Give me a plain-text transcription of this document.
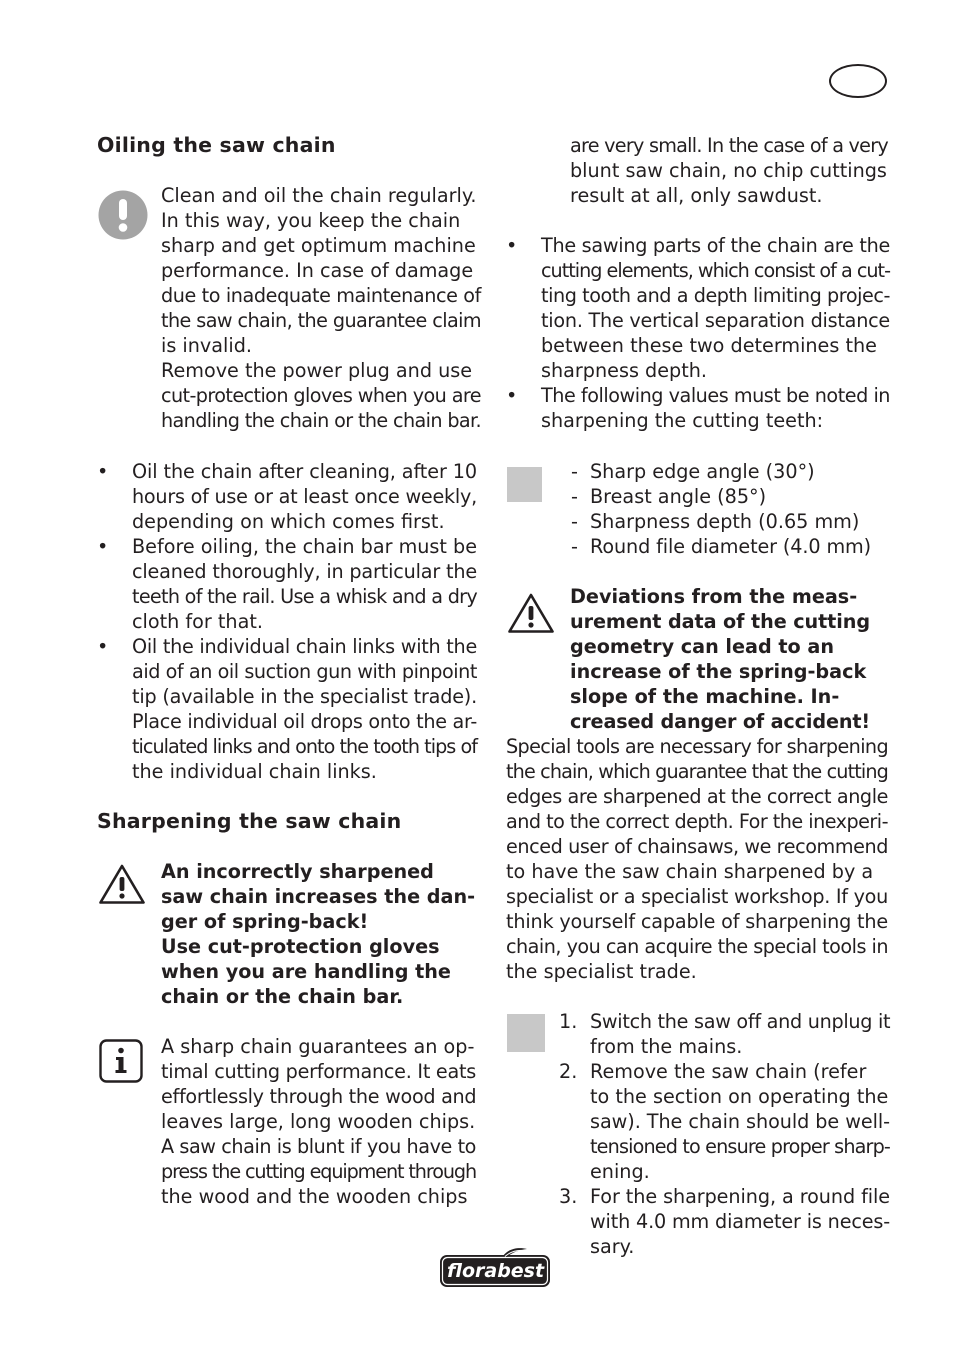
Oiling the saw chain
Clean and oil the chain regularly.
In this way, you keep the chain
sharp and get optimum machine
performance. In case of damage
due to inadequate maintenance of
the saw chain, the guarantee claim
is invalid.
Remove the power plug and use
cut-protection gloves when you are
handling the chain or the chain bar.
• Oil the chain after cleaning, after 10
hours of use or at least once weekly,
depending on which comes first.
• Before oiling, the chain bar must be
cleaned thoroughly, in particular the
teeth of the rail. Use a whisk and a dry
cloth for that.
• Oil the individual chain links with the
aid of an oil suction gun with pinpoint
tip (available in the specialist trade).
Place individual oil drops onto the ar-
ticulated links and onto the tooth tips of
the individual chain links.
Sharpening the saw chain
An incorrectly sharpened
saw chain increases the dan-
ger of spring-back!
Use cut-protection gloves
when you are handling the
chain or the chain bar.
A sharp chain guarantees an op-
timal cutting performance. It eats
effortlessly through the wood and
leaves large, long wooden chips.
A saw chain is blunt if you have to
press the cutting equipment through
the wood and the wooden chips
are very small. In the case of a very
blunt saw chain, no chip cuttings
result at all, only sawdust.
• The sawing parts of the chain are the
cutting elements, which consist of a cut-
ting tooth and a depth limiting projec-
tion. The vertical separation distance
between these two determines the
sharpness depth.
• The following values must be noted in
sharpening the cutting teeth:
- Sharp edge angle (30°)
- Breast angle (85°)
- Sharpness depth (0.65 mm)
- Round file diameter (4.0 mm)
Deviations from the meas-
urement data of the cutting
geometry can lead to an
increase of the spring-back
slope of the machine. In-
creased danger of accident!
Special tools are necessary for sharpening
the chain, which guarantee that the cutting
edges are sharpened at the correct angle
and to the correct depth. For the inexperi-
enced user of chainsaws, we recommend
to have the saw chain sharpened by a
specialist or a specialist workshop. If you
think yourself capable of sharpening the
chain, you can acquire the special tools in
the specialist trade.
1. Switch the saw off and unplug it
from the mains.
2. Remove the saw chain (refer
to the section on operating the
saw). The chain should be well-
tensioned to ensure proper sharp-
ening.
3. For the sharpening, a round file
with 4.0 mm diameter is neces-
sary.
florabest
